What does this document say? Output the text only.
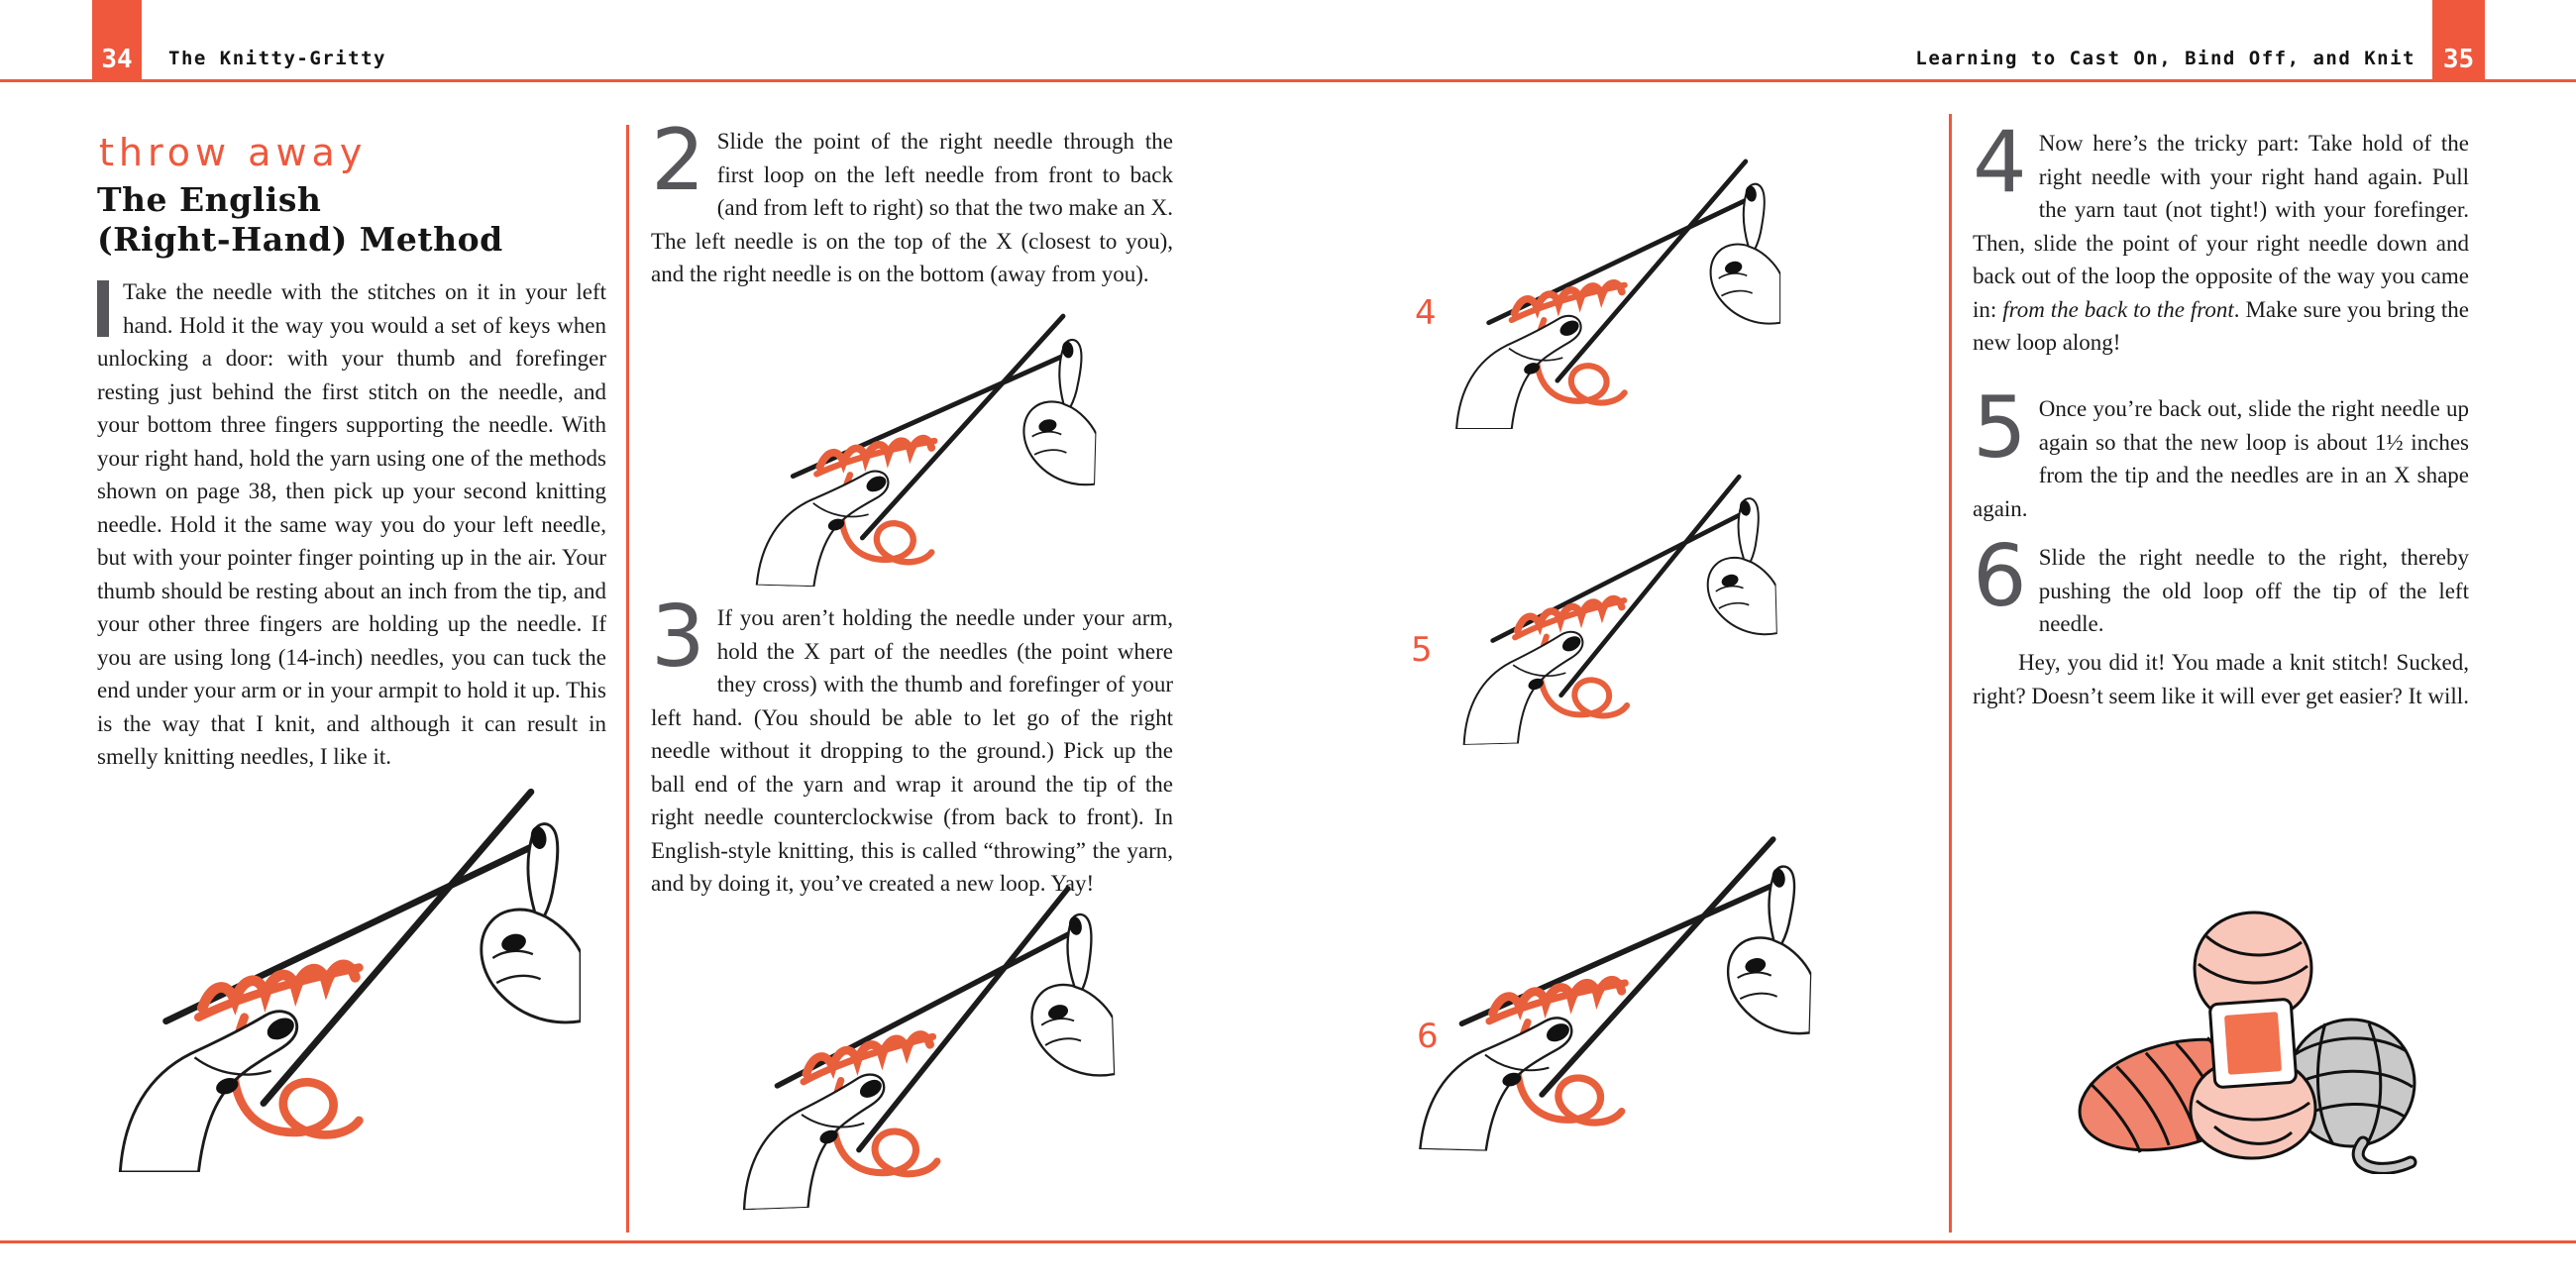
34 The Knitty-Gritty	Learning to Cast On, Bind Off, and Knit 35
throw away
The English
(Right-Hand) Method
Take the needle with the stitches on it in your left hand. Hold it the way you would a set of keys when unlocking a door: with your thumb and forefinger resting just behind the first stitch on the needle, and your bottom three fingers supporting the needle. With your right hand, hold the yarn using one of the methods shown on page 38, then pick up your second knitting needle. Hold it the same way you do your left needle, but with your pointer finger pointing up in the air. Your thumb should be resting about an inch from the tip, and your other three fingers are holding up the needle. If you are using long (14-inch) needles, you can tuck the end under your arm or in your armpit to hold it up. This is the way that I knit, and although it can result in smelly knitting needles, I like it.
2 Slide the point of the right needle through the first loop on the left needle from front to back (and from left to right) so that the two make an X. The left needle is on the top of the X (closest to you), and the right needle is on the bottom (away from you).
3 If you aren’t holding the needle under your arm, hold the X part of the needles (the point where they cross) with the thumb and forefinger of your left hand. (You should be able to let go of the right needle without it dropping to the ground.) Pick up the ball end of the yarn and wrap it around the tip of the right needle counterclockwise (from back to front). In English-style knitting, this is called “throwing” the yarn, and by doing it, you’ve created a new loop. Yay!
4
5
6
4 Now here’s the tricky part: Take hold of the right needle with your right hand again. Pull the yarn taut (not tight!) with your forefinger. Then, slide the point of your right needle down and back out of the loop the opposite of the way you came in: from the back to the front. Make sure you bring the new loop along!
5 Once you’re back out, slide the right needle up again so that the new loop is about 1½ inches from the tip and the needles are in an X shape again.
6 Slide the right needle to the right, thereby pushing the old loop off the tip of the left needle.
Hey, you did it! You made a knit stitch! Sucked, right? Doesn’t seem like it will ever get easier? It will.
